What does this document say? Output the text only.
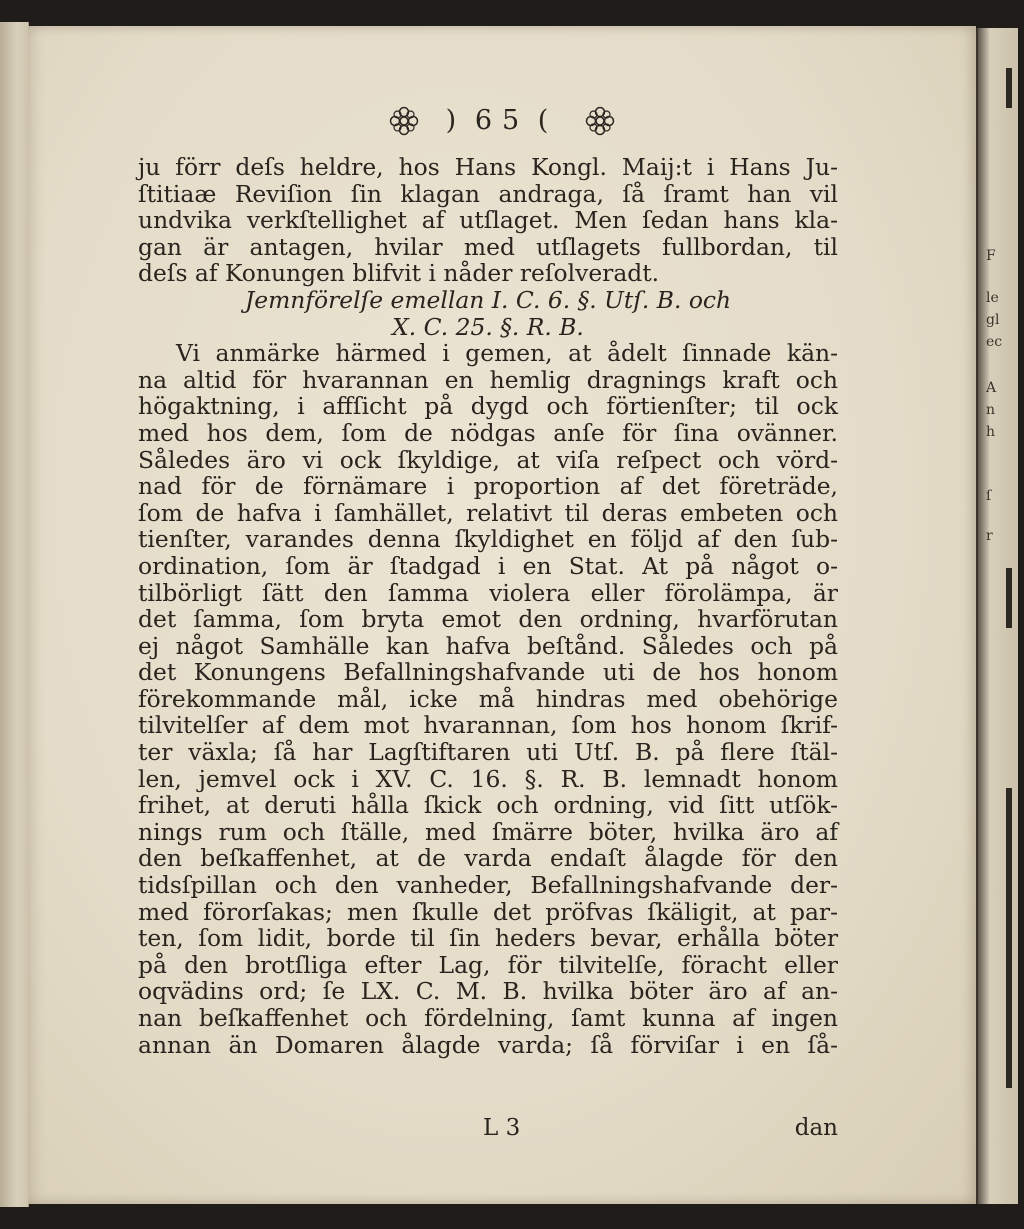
F
le
gl
ec
A
n
h
ſ
r
) 65 (
ju förr deſs heldre, hos Hans Kongl. Maij:t i Hans Ju-
ſtitiaæ Reviſion ſin klagan andraga, ſå ſramt han vil
undvika verkſtellighet af utſlaget. Men ſedan hans kla-
gan är antagen, hvilar med utſlagets fullbordan, til
deſs af Konungen blifvit i nåder reſolveradt.
Jemnförelſe emellan I. C. 6. §. Utſ. B. och
X. C. 25. §. R. B.
Vi anmärke härmed i gemen, at ådelt ſinnade kän-
na altid för hvarannan en hemlig dragnings kraft och
högaktning, i affſicht på dygd och förtienſter; til ock
med hos dem, ſom de nödgas anſe för ſina ovänner.
Således äro vi ock ſkyldige, at viſa reſpect och vörd-
nad för de förnämare i proportion af det företräde,
ſom de hafva i ſamhället, relativt til deras embeten och
tienſter, varandes denna ſkyldighet en följd af den ſub-
ordination, ſom är ſtadgad i en Stat. At på något o-
tilbörligt ſätt den ſamma violera eller förolämpa, är
det ſamma, ſom bryta emot den ordning, hvarförutan
ej något Samhälle kan hafva beſtånd. Således och på
det Konungens Befallningshafvande uti de hos honom
förekommande mål, icke må hindras med obehörige
tilvitelſer af dem mot hvarannan, ſom hos honom ſkrif-
ter växla; ſå har Lagſtiftaren uti Utſ. B. på flere ſtäl-
len, jemvel ock i XV. C. 16. §. R. B. lemnadt honom
frihet, at deruti hålla ſkick och ordning, vid ſitt utſök-
nings rum och ſtälle, med ſmärre böter, hvilka äro af
den beſkaffenhet, at de varda endaſt ålagde för den
tidsſpillan och den vanheder, Befallningshafvande der-
med förorſakas; men ſkulle det pröfvas ſkäligit, at par-
ten, ſom lidit, borde til ſin heders bevar, erhålla böter
på den brotſliga efter Lag, för tilvitelſe, föracht eller
oqvädins ord; ſe LX. C. M. B. hvilka böter äro af an-
nan beſkaffenhet och fördelning, ſamt kunna af ingen
annan än Domaren ålagde varda; ſå förviſar i en ſå-
L 3	dan
